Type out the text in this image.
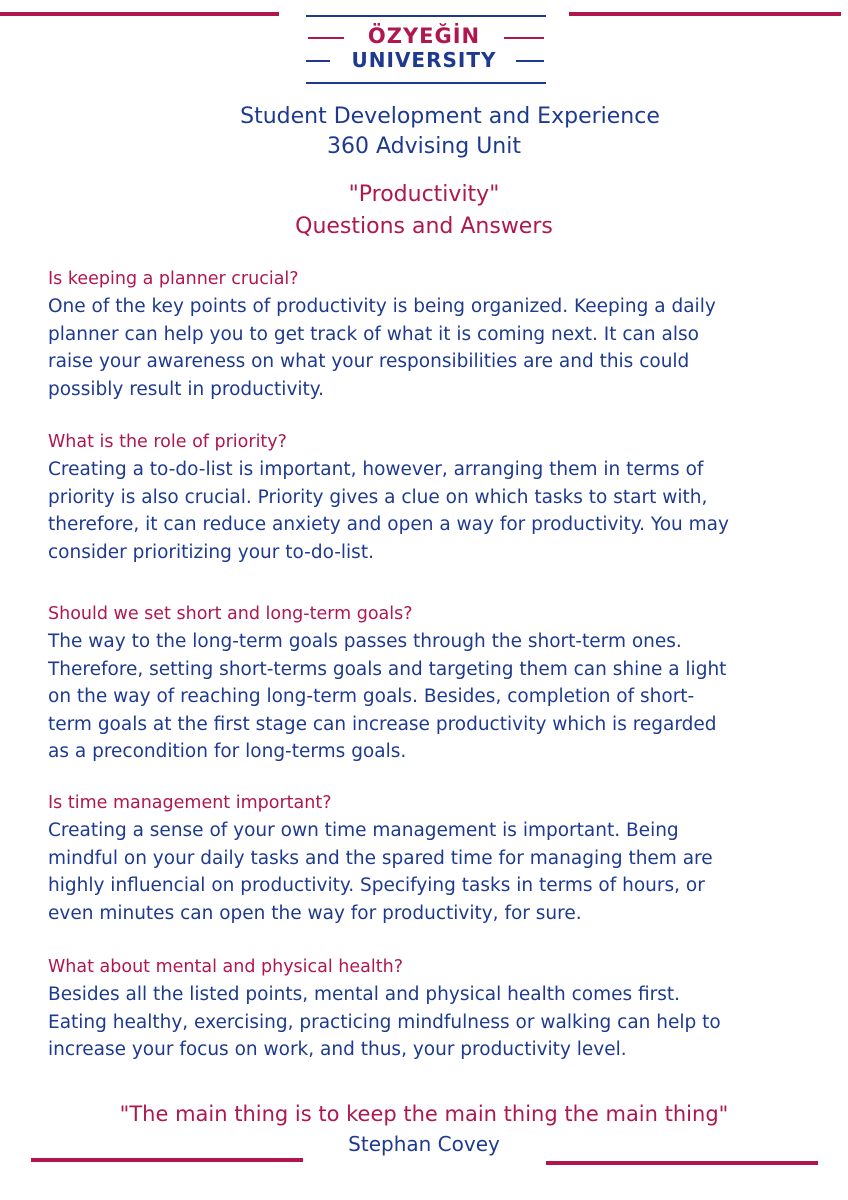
ÖZYEĞİN
UNIVERSITY
Student Development and Experience
360 Advising Unit
"Productivity"
Questions and Answers
Is keeping a planner crucial?

One of the key points of productivity is being organized. Keeping a daily
planner can help you to get track of what it is coming next. It can also
raise your awareness on what your responsibilities are and this could
possibly result in productivity.

What is the role of priority?

Creating a to-do-list is important, however, arranging them in terms of
priority is also crucial. Priority gives a clue on which tasks to start with,
therefore, it can reduce anxiety and open a way for productivity. You may
consider prioritizing your to-do-list.

Should we set short and long-term goals?

The way to the long-term goals passes through the short-term ones.
Therefore, setting short-terms goals and targeting them can shine a light
on the way of reaching long-term goals. Besides, completion of short-
term goals at the first stage can increase productivity which is regarded
as a precondition for long-terms goals.

Is time management important?

Creating a sense of your own time management is important. Being
mindful on your daily tasks and the spared time for managing them are
highly influencial on productivity. Specifying tasks in terms of hours, or
even minutes can open the way for productivity, for sure.

What about mental and physical health?

Besides all the listed points, mental and physical health comes first.
Eating healthy, exercising, practicing mindfulness or walking can help to
increase your focus on work, and thus, your productivity level.

"The main thing is to keep the main thing the main thing"
Stephan Covey
